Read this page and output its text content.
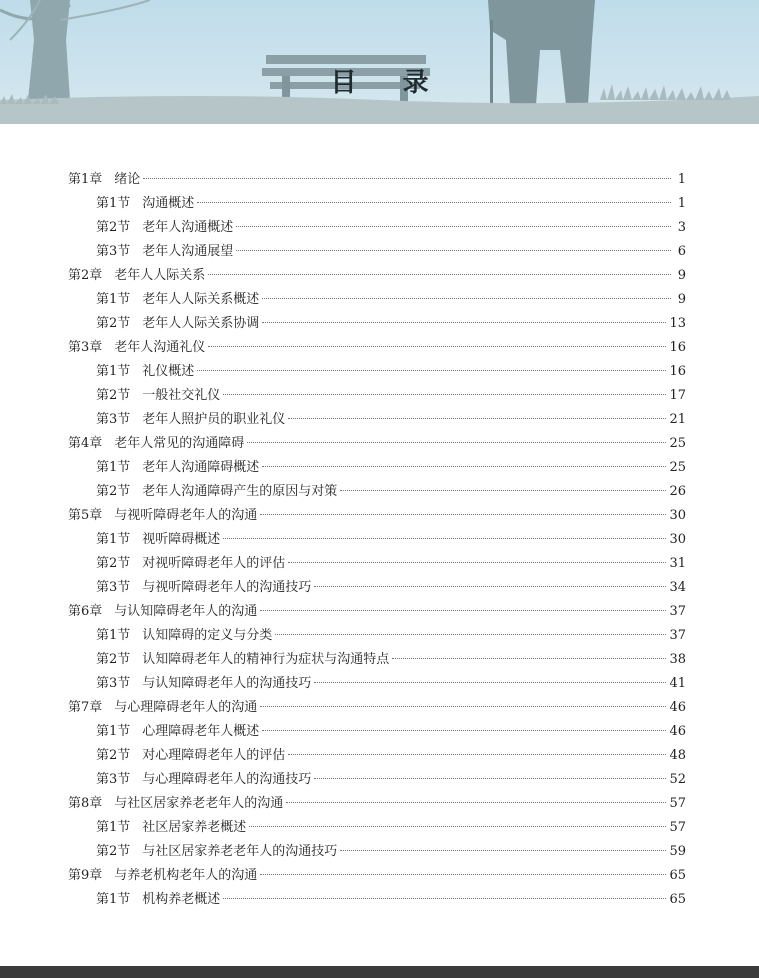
目录
第1章 绪论	1
第1节 沟通概述	1
第2节 老年人沟通概述	3
第3节 老年人沟通展望	6
第2章 老年人人际关系	9
第1节 老年人人际关系概述	9
第2节 老年人人际关系协调	13
第3章 老年人沟通礼仪	16
第1节 礼仪概述	16
第2节 一般社交礼仪	17
第3节 老年人照护员的职业礼仪	21
第4章 老年人常见的沟通障碍	25
第1节 老年人沟通障碍概述	25
第2节 老年人沟通障碍产生的原因与对策	26
第5章 与视听障碍老年人的沟通	30
第1节 视听障碍概述	30
第2节 对视听障碍老年人的评估	31
第3节 与视听障碍老年人的沟通技巧	34
第6章 与认知障碍老年人的沟通	37
第1节 认知障碍的定义与分类	37
第2节 认知障碍老年人的精神行为症状与沟通特点	38
第3节 与认知障碍老年人的沟通技巧	41
第7章 与心理障碍老年人的沟通	46
第1节 心理障碍老年人概述	46
第2节 对心理障碍老年人的评估	48
第3节 与心理障碍老年人的沟通技巧	52
第8章 与社区居家养老老年人的沟通	57
第1节 社区居家养老概述	57
第2节 与社区居家养老老年人的沟通技巧	59
第9章 与养老机构老年人的沟通	65
第1节 机构养老概述	65
